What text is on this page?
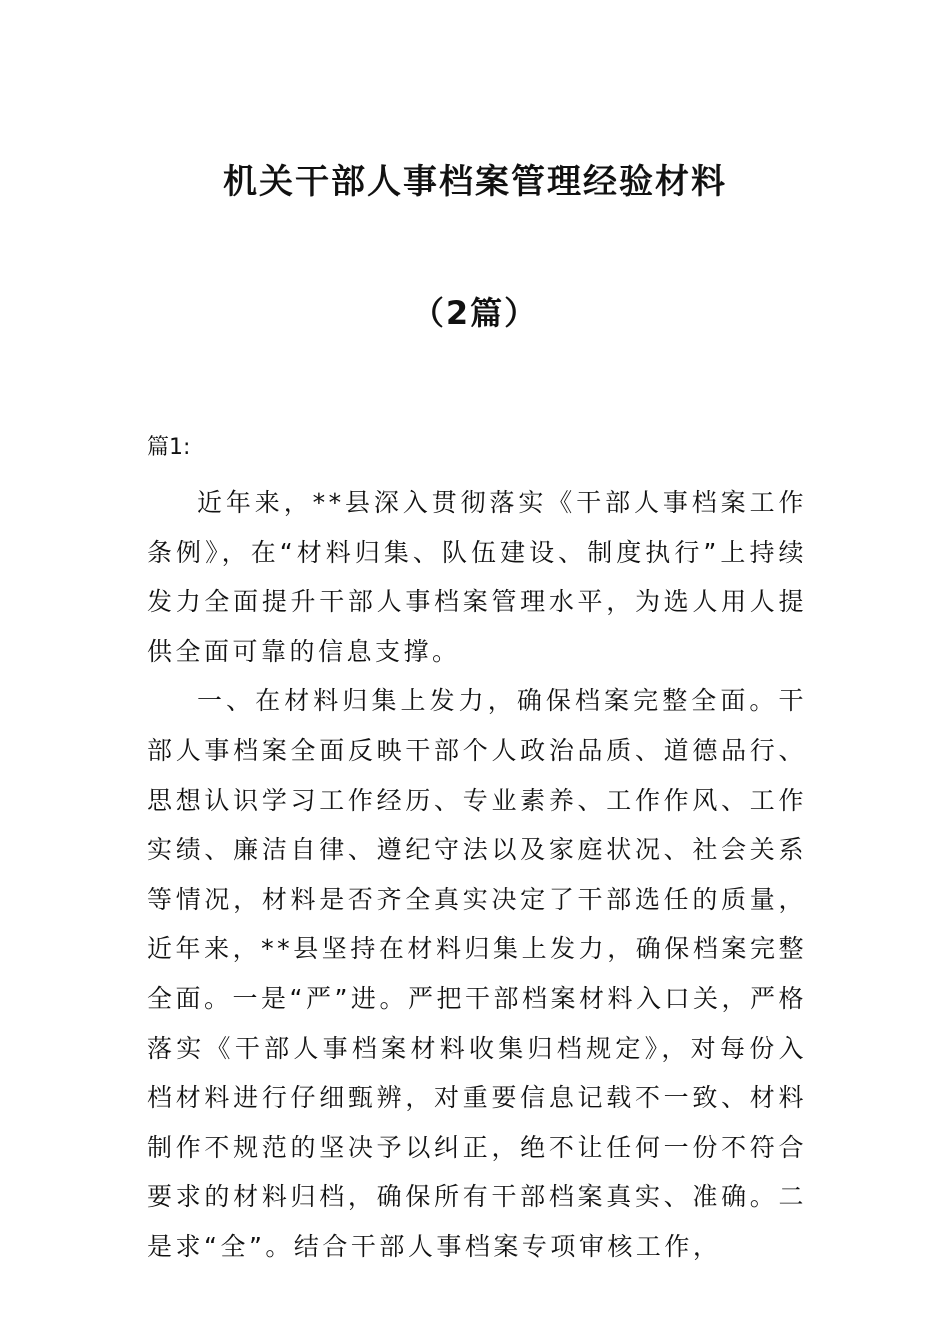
机关干部人事档案管理经验材料
（2篇）
篇1:

近年来，**县深入贯彻落实《干部人事档案工作条例》，在“材料归集、队伍建设、制度执行”上持续发力全面提升干部人事档案管理水平，为选人用人提供全面可靠的信息支撑。

一、在材料归集上发力，确保档案完整全面。干部人事档案全面反映干部个人政治品质、道德品行、思想认识学习工作经历、专业素养、工作作风、工作实绩、廉洁自律、遵纪守法以及家庭状况、社会关系等情况，材料是否齐全真实决定了干部选任的质量，近年来，**县坚持在材料归集上发力，确保档案完整全面。一是“严”进。严把干部档案材料入口关，严格落实《干部人事档案材料收集归档规定》，对每份入档材料进行仔细甄辨，对重要信息记载不一致、材料制作不规范的坚决予以纠正，绝不让任何一份不符合要求的材料归档，确保所有干部档案真实、准确。二是求“全”。结合干部人事档案专项审核工作，
